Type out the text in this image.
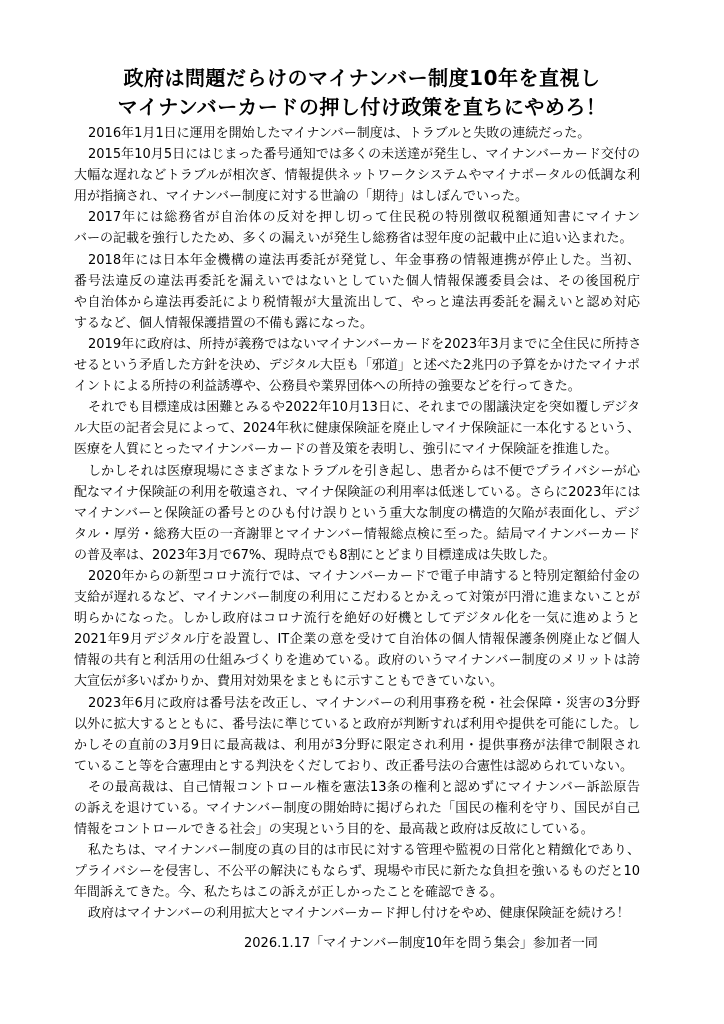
政府は問題だらけのマイナンバー制度10年を直視し
マイナンバーカードの押し付け政策を直ちにやめろ！
2016年1月1日に運用を開始したマイナンバー制度は、トラブルと失敗の連続だった。
2015年10月5日にはじまった番号通知では多くの未送達が発生し、マイナンバーカード交付の
大幅な遅れなどトラブルが相次ぎ、情報提供ネットワークシステムやマイナポータルの低調な利
用が指摘され、マイナンバー制度に対する世論の「期待」はしぼんでいった。
2017年には総務省が自治体の反対を押し切って住民税の特別徴収税額通知書にマイナン
バーの記載を強行したため、多くの漏えいが発生し総務省は翌年度の記載中止に追い込まれた。
2018年には日本年金機構の違法再委託が発覚し、年金事務の情報連携が停止した。当初、
番号法違反の違法再委託を漏えいではないとしていた個人情報保護委員会は、その後国税庁
や自治体から違法再委託により税情報が大量流出して、やっと違法再委託を漏えいと認め対応
するなど、個人情報保護措置の不備も露になった。
2019年に政府は、所持が義務ではないマイナンバーカードを2023年3月までに全住民に所持さ
せるという矛盾した方針を決め、デジタル大臣も「邪道」と述べた2兆円の予算をかけたマイナポ
イントによる所持の利益誘導や、公務員や業界団体への所持の強要などを行ってきた。
それでも目標達成は困難とみるや2022年10月13日に、それまでの閣議決定を突如覆しデジタ
ル大臣の記者会見によって、2024年秋に健康保険証を廃止しマイナ保険証に一本化するという、
医療を人質にとったマイナンバーカードの普及策を表明し、強引にマイナ保険証を推進した。
しかしそれは医療現場にさまざまなトラブルを引き起し、患者からは不便でプライバシーが心
配なマイナ保険証の利用を敬遠され、マイナ保険証の利用率は低迷している。さらに2023年には
マイナンバーと保険証の番号とのひも付け誤りという重大な制度の構造的欠陥が表面化し、デジ
タル・厚労・総務大臣の一斉謝罪とマイナンバー情報総点検に至った。結局マイナンバーカード
の普及率は、2023年3月で67%、現時点でも8割にとどまり目標達成は失敗した。
2020年からの新型コロナ流行では、マイナンバーカードで電子申請すると特別定額給付金の
支給が遅れるなど、マイナンバー制度の利用にこだわるとかえって対策が円滑に進まないことが
明らかになった。しかし政府はコロナ流行を絶好の好機としてデジタル化を一気に進めようと
2021年9月デジタル庁を設置し、IT企業の意を受けて自治体の個人情報保護条例廃止など個人
情報の共有と利活用の仕組みづくりを進めている。政府のいうマイナンバー制度のメリットは誇
大宣伝が多いばかりか、費用対効果をまともに示すこともできていない。
2023年6月に政府は番号法を改正し、マイナンバーの利用事務を税・社会保障・災害の3分野
以外に拡大するとともに、番号法に準じていると政府が判断すれば利用や提供を可能にした。し
かしその直前の3月9日に最高裁は、利用が3分野に限定され利用・提供事務が法律で制限され
ていること等を合憲理由とする判決をくだしており、改正番号法の合憲性は認められていない。
その最高裁は、自己情報コントロール権を憲法13条の権利と認めずにマイナンバー訴訟原告
の訴えを退けている。マイナンバー制度の開始時に掲げられた「国民の権利を守り、国民が自己
情報をコントロールできる社会」の実現という目的を、最高裁と政府は反故にしている。
私たちは、マイナンバー制度の真の目的は市民に対する管理や監視の日常化と精緻化であり、
プライバシーを侵害し、不公平の解決にもならず、現場や市民に新たな負担を強いるものだと10
年間訴えてきた。今、私たちはこの訴えが正しかったことを確認できる。
政府はマイナンバーの利用拡大とマイナンバーカード押し付けをやめ、健康保険証を続けろ！
2026.1.17「マイナンバー制度10年を問う集会」参加者一同
